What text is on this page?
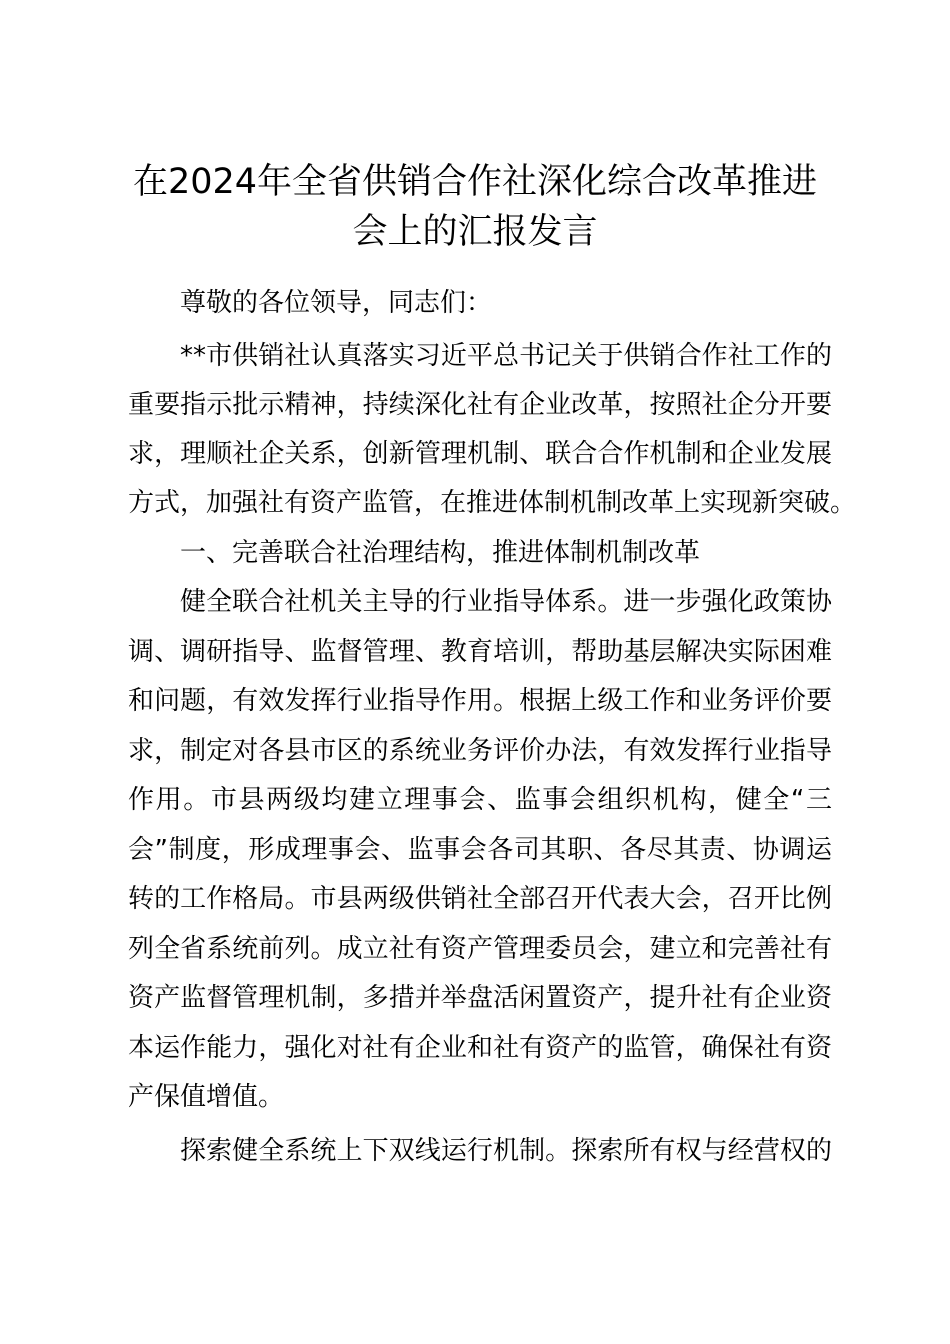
在2024年全省供销合作社深化综合改革推进
会上的汇报发言
尊敬的各位领导，同志们：
**市供销社认真落实习近平总书记关于供销合作社工作的
重要指示批示精神，持续深化社有企业改革，按照社企分开要
求，理顺社企关系，创新管理机制、联合合作机制和企业发展
方式，加强社有资产监管，在推进体制机制改革上实现新突破。
一、完善联合社治理结构，推进体制机制改革
健全联合社机关主导的行业指导体系。进一步强化政策协
调、调研指导、监督管理、教育培训，帮助基层解决实际困难
和问题，有效发挥行业指导作用。根据上级工作和业务评价要
求，制定对各县市区的系统业务评价办法，有效发挥行业指导
作用。市县两级均建立理事会、监事会组织机构，健全“三
会”制度，形成理事会、监事会各司其职、各尽其责、协调运
转的工作格局。市县两级供销社全部召开代表大会，召开比例
列全省系统前列。成立社有资产管理委员会，建立和完善社有
资产监督管理机制，多措并举盘活闲置资产，提升社有企业资
本运作能力，强化对社有企业和社有资产的监管，确保社有资
产保值增值。
探索健全系统上下双线运行机制。探索所有权与经营权的
